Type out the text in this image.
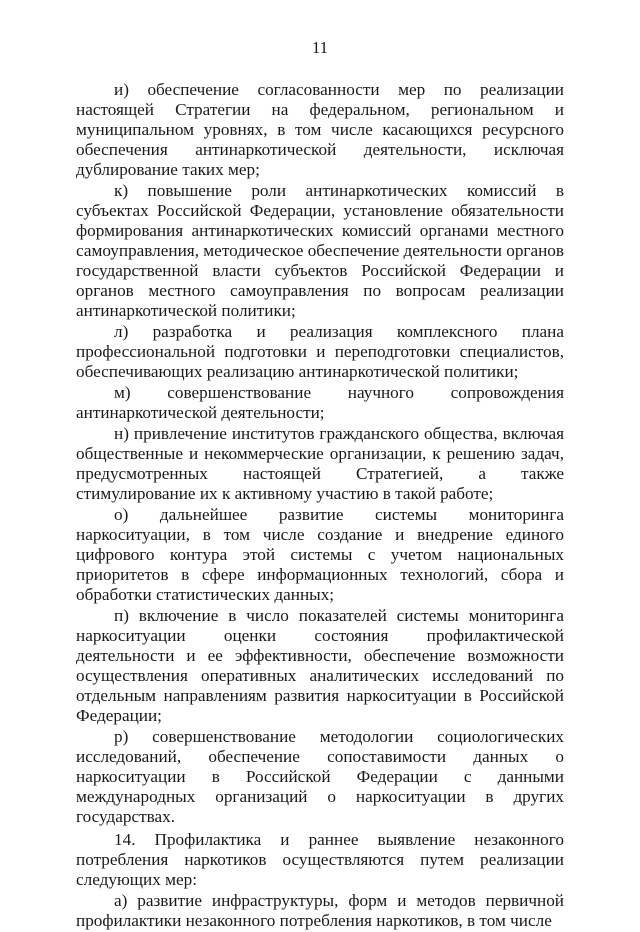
11

и) обеспечение согласованности мер по реализации настоящей Стратегии на федеральном, региональном и муниципальном уровнях, в том числе касающихся ресурсного обеспечения антинаркотической деятельности, исключая дублирование таких мер;

к) повышение роли антинаркотических комиссий в субъектах Российской Федерации, установление обязательности формирования антинаркотических комиссий органами местного самоуправления, методическое обеспечение деятельности органов государственной власти субъектов Российской Федерации и органов местного самоуправления по вопросам реализации антинаркотической политики;

л) разработка и реализация комплексного плана профессиональной подготовки и переподготовки специалистов, обеспечивающих реализацию антинаркотической политики;

м) совершенствование научного сопровождения антинаркотической деятельности;

н) привлечение институтов гражданского общества, включая общественные и некоммерческие организации, к решению задач, предусмотренных настоящей Стратегией, а также стимулирование их к активному участию в такой работе;

о) дальнейшее развитие системы мониторинга наркоситуации, в том числе создание и внедрение единого цифрового контура этой системы с учетом национальных приоритетов в сфере информационных технологий, сбора и обработки статистических данных;

п) включение в число показателей системы мониторинга наркоситуации оценки состояния профилактической деятельности и ее эффективности, обеспечение возможности осуществления оперативных аналитических исследований по отдельным направлениям развития наркоситуации в Российской Федерации;

р) совершенствование методологии социологических исследований, обеспечение сопоставимости данных о наркоситуации в Российской Федерации с данными международных организаций о наркоситуации в других государствах.

14. Профилактика и раннее выявление незаконного потребления наркотиков осуществляются путем реализации следующих мер:

а) развитие инфраструктуры, форм и методов первичной профилактики незаконного потребления наркотиков, в том числе
